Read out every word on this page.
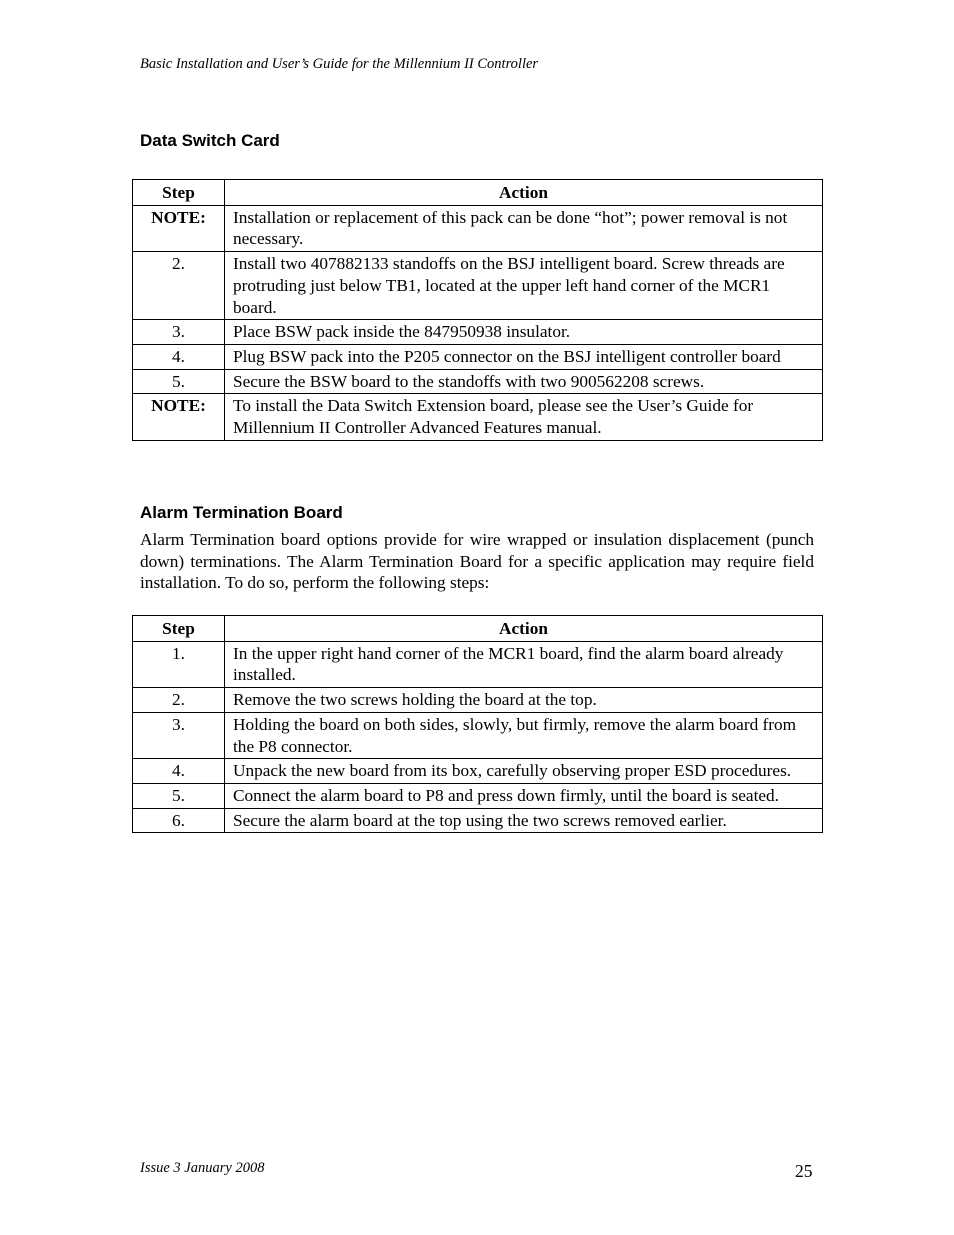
Basic Installation and User’s Guide for the Millennium II Controller
Data Switch Card
Step	Action
NOTE:	Installation or replacement of this pack can be done “hot”; power removal is not necessary.
2.	Install two 407882133 standoffs on the BSJ intelligent board. Screw threads are protruding just below TB1, located at the upper left hand corner of the MCR1 board.
3.	Place BSW pack inside the 847950938 insulator.
4.	Plug BSW pack into the P205 connector on the BSJ intelligent controller board
5.	Secure the BSW board to the standoffs with two 900562208 screws.
NOTE:	To install the Data Switch Extension board, please see the User’s Guide for Millennium II Controller Advanced Features manual.
Alarm Termination Board
Alarm Termination board options provide for wire wrapped or insulation displacement (punch down) terminations. The Alarm Termination Board for a specific application may require field installation. To do so, perform the following steps:
Step	Action
1.	In the upper right hand corner of the MCR1 board, find the alarm board already installed.
2.	Remove the two screws holding the board at the top.
3.	Holding the board on both sides, slowly, but firmly, remove the alarm board from the P8 connector.
4.	Unpack the new board from its box, carefully observing proper ESD procedures.
5.	Connect the alarm board to P8 and press down firmly, until the board is seated.
6.	Secure the alarm board at the top using the two screws removed earlier.
Issue 3 January 2008	25
